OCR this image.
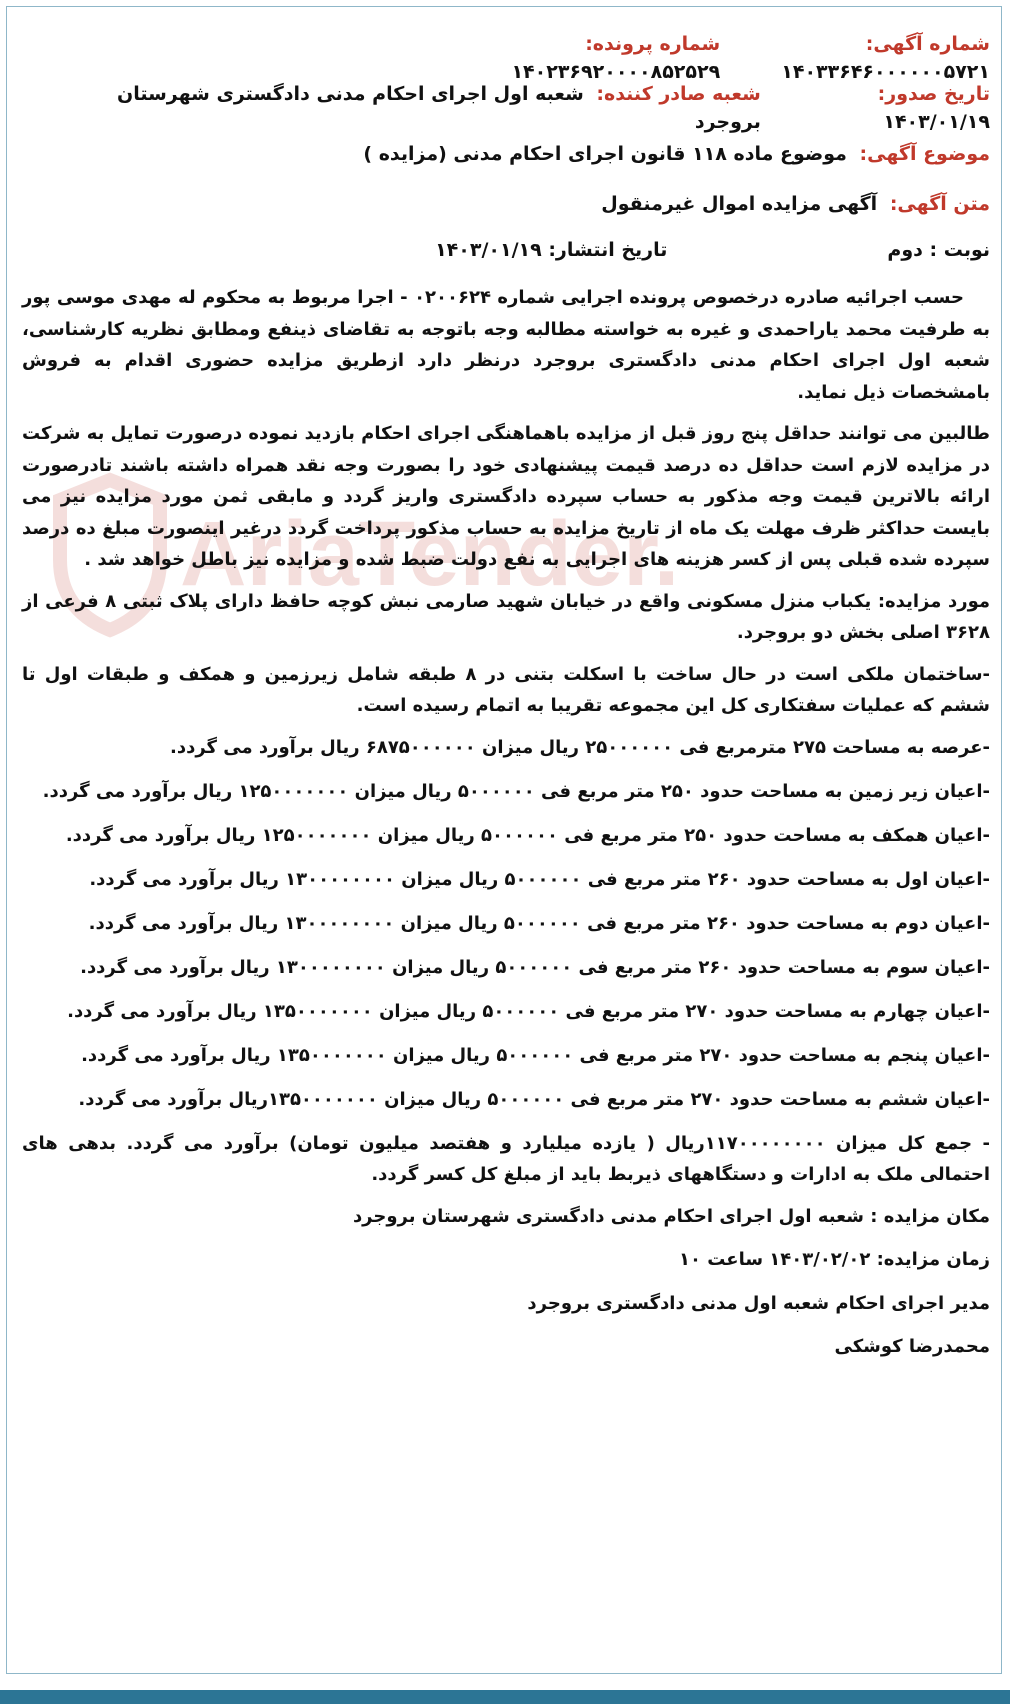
شماره آگهی: ۱۴۰۳۳۶۴۶۰۰۰۰۰۰۵۷۲۱
شماره پرونده: ۱۴۰۲۳۶۹۲۰۰۰۰۸۵۲۵۲۹
تاریخ صدور: ۱۴۰۳/۰۱/۱۹
شعبه صادر کننده: شعبه اول اجرای احکام مدنی دادگستری شهرستان بروجرد
موضوع آگهی: موضوع ماده ۱۱۸ قانون اجرای احکام مدنی (مزایده )
متن آگهی: آگهی مزایده اموال غیرمنقول
نوبت : دوم
تاریخ انتشار: ۱۴۰۳/۰۱/۱۹

حسب اجرائیه صادره درخصوص پرونده اجرایی شماره ۰۲۰۰۶۲۴ - اجرا مربوط به محکوم له مهدی موسی پور به طرفیت محمد یاراحمدی و غیره به خواسته مطالبه وجه باتوجه به تقاضای ذینفع ومطابق نظریه کارشناسی، شعبه اول اجرای احکام مدنی دادگستری بروجرد درنظر دارد ازطریق مزایده حضوری اقدام به فروش بامشخصات ذیل نماید.

طالبین می توانند حداقل پنج روز قبل از مزایده باهماهنگی اجرای احکام بازدید نموده درصورت تمایل به شرکت در مزایده لازم است حداقل ده درصد قیمت پیشنهادی خود را بصورت وجه نقد همراه داشته باشند تادرصورت ارائه بالاترین قیمت وجه مذکور به حساب سپرده دادگستری واریز گردد و مابقی ثمن مورد مزایده نیز می بایست حداکثر ظرف مهلت یک ماه از تاریخ مزایده به حساب مذکور پرداخت گردد درغیر اینصورت مبلغ ده درصد سپرده شده قبلی پس از کسر هزینه های اجرایی به نفع دولت ضبط شده و مزایده نیز باطل خواهد شد .

مورد مزایده: یکباب منزل مسکونی واقع در خیابان شهید صارمی نبش کوچه حافظ دارای پلاک ثبتی ۸ فرعی از ۳۶۲۸ اصلی بخش دو بروجرد.

-ساختمان ملکی است در حال ساخت با اسکلت بتنی در ۸ طبقه شامل زیرزمین و همکف و طبقات اول تا ششم که عملیات سفتکاری کل این مجموعه تقریبا به اتمام رسیده است.

-عرصه به مساحت ۲۷۵ مترمربع فی ۲۵۰۰۰۰۰۰ ریال میزان ۶۸۷۵۰۰۰۰۰۰ ریال برآورد می گردد.
-اعیان زیر زمین به مساحت حدود ۲۵۰ متر مربع فی ۵۰۰۰۰۰۰ ریال میزان ۱۲۵۰۰۰۰۰۰۰ ریال برآورد می گردد.
-اعیان همکف به مساحت حدود ۲۵۰ متر مربع فی ۵۰۰۰۰۰۰ ریال میزان ۱۲۵۰۰۰۰۰۰۰ ریال برآورد می گردد.
-اعیان اول به مساحت حدود ۲۶۰ متر مربع فی ۵۰۰۰۰۰۰ ریال میزان ۱۳۰۰۰۰۰۰۰۰ ریال برآورد می گردد.
-اعیان دوم به مساحت حدود ۲۶۰ متر مربع فی ۵۰۰۰۰۰۰ ریال میزان ۱۳۰۰۰۰۰۰۰۰ ریال برآورد می گردد.
-اعیان سوم به مساحت حدود ۲۶۰ متر مربع فی ۵۰۰۰۰۰۰ ریال میزان ۱۳۰۰۰۰۰۰۰۰ ریال برآورد می گردد.
-اعیان چهارم به مساحت حدود ۲۷۰ متر مربع فی ۵۰۰۰۰۰۰ ریال میزان ۱۳۵۰۰۰۰۰۰۰ ریال برآورد می گردد.
-اعیان پنجم به مساحت حدود ۲۷۰ متر مربع فی ۵۰۰۰۰۰۰ ریال میزان ۱۳۵۰۰۰۰۰۰۰ ریال برآورد می گردد.
-اعیان ششم به مساحت حدود ۲۷۰ متر مربع فی ۵۰۰۰۰۰۰ ریال میزان ۱۳۵۰۰۰۰۰۰۰ریال برآورد می گردد.

- جمع کل میزان ۱۱۷۰۰۰۰۰۰۰۰ریال ( یازده میلیارد و هفتصد میلیون تومان) برآورد می گردد. بدهی های احتمالی ملک به ادارات و دستگاههای ذیربط باید از مبلغ کل کسر گردد.

مکان مزایده : شعبه اول اجرای احکام مدنی دادگستری شهرستان بروجرد
زمان مزایده: ۱۴۰۳/۰۲/۰۲ ساعت ۱۰
مدیر اجرای احکام شعبه اول مدنی دادگستری بروجرد
محمدرضا کوشکی
